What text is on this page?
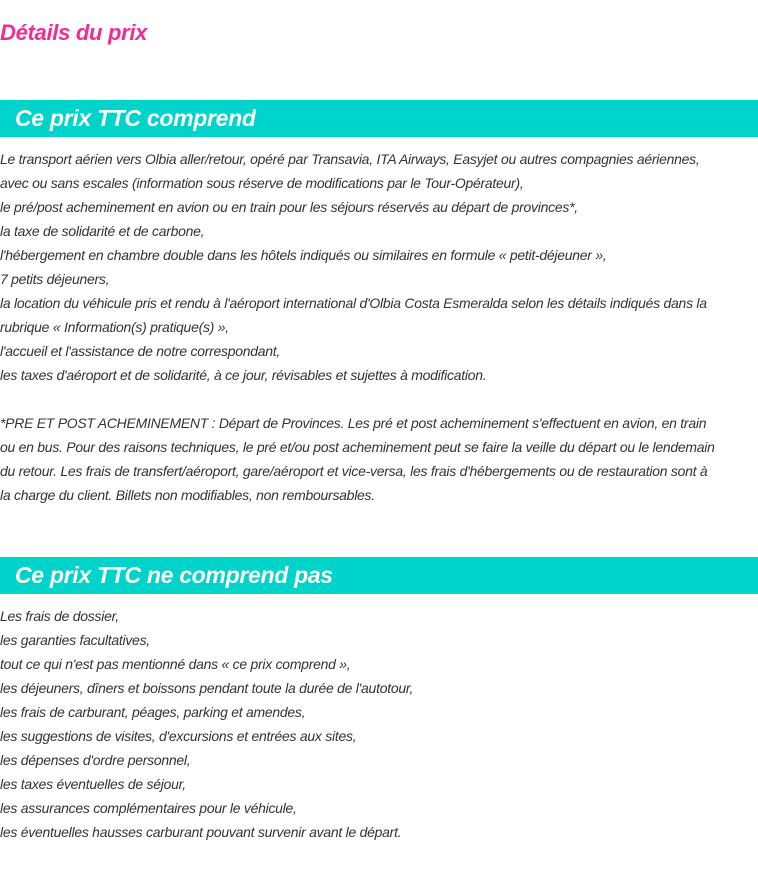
Détails du prix
Ce prix TTC comprend

Le transport aérien vers Olbia aller/retour, opéré par Transavia, ITA Airways, Easyjet ou autres compagnies aériennes,

avec ou sans escales (information sous réserve de modifications par le Tour-Opérateur),

le pré/post acheminement en avion ou en train pour les séjours réservés au départ de provinces*,

la taxe de solidarité et de carbone,

l'hébergement en chambre double dans les hôtels indiqués ou similaires en formule « petit-déjeuner »,

7 petits déjeuners,

la location du véhicule pris et rendu à l'aéroport international d'Olbia Costa Esmeralda selon les détails indiqués dans la

rubrique « Information(s) pratique(s) »,

l'accueil et l'assistance de notre correspondant,

les taxes d'aéroport et de solidarité, à ce jour, révisables et sujettes à modification.

*PRE ET POST ACHEMINEMENT : Départ de Provinces. Les pré et post acheminement s'effectuent en avion, en train

ou en bus. Pour des raisons techniques, le pré et/ou post acheminement peut se faire la veille du départ ou le lendemain

du retour. Les frais de transfert/aéroport, gare/aéroport et vice-versa, les frais d'hébergements ou de restauration sont à

la charge du client. Billets non modifiables, non remboursables.

Ce prix TTC ne comprend pas

Les frais de dossier,

les garanties facultatives,

tout ce qui n'est pas mentionné dans « ce prix comprend »,

les déjeuners, dîners et boissons pendant toute la durée de l'autotour,

les frais de carburant, péages, parking et amendes,

les suggestions de visites, d'excursions et entrées aux sites,

les dépenses d'ordre personnel,

les taxes éventuelles de séjour,

les assurances complémentaires pour le véhicule,

les éventuelles hausses carburant pouvant survenir avant le départ.
